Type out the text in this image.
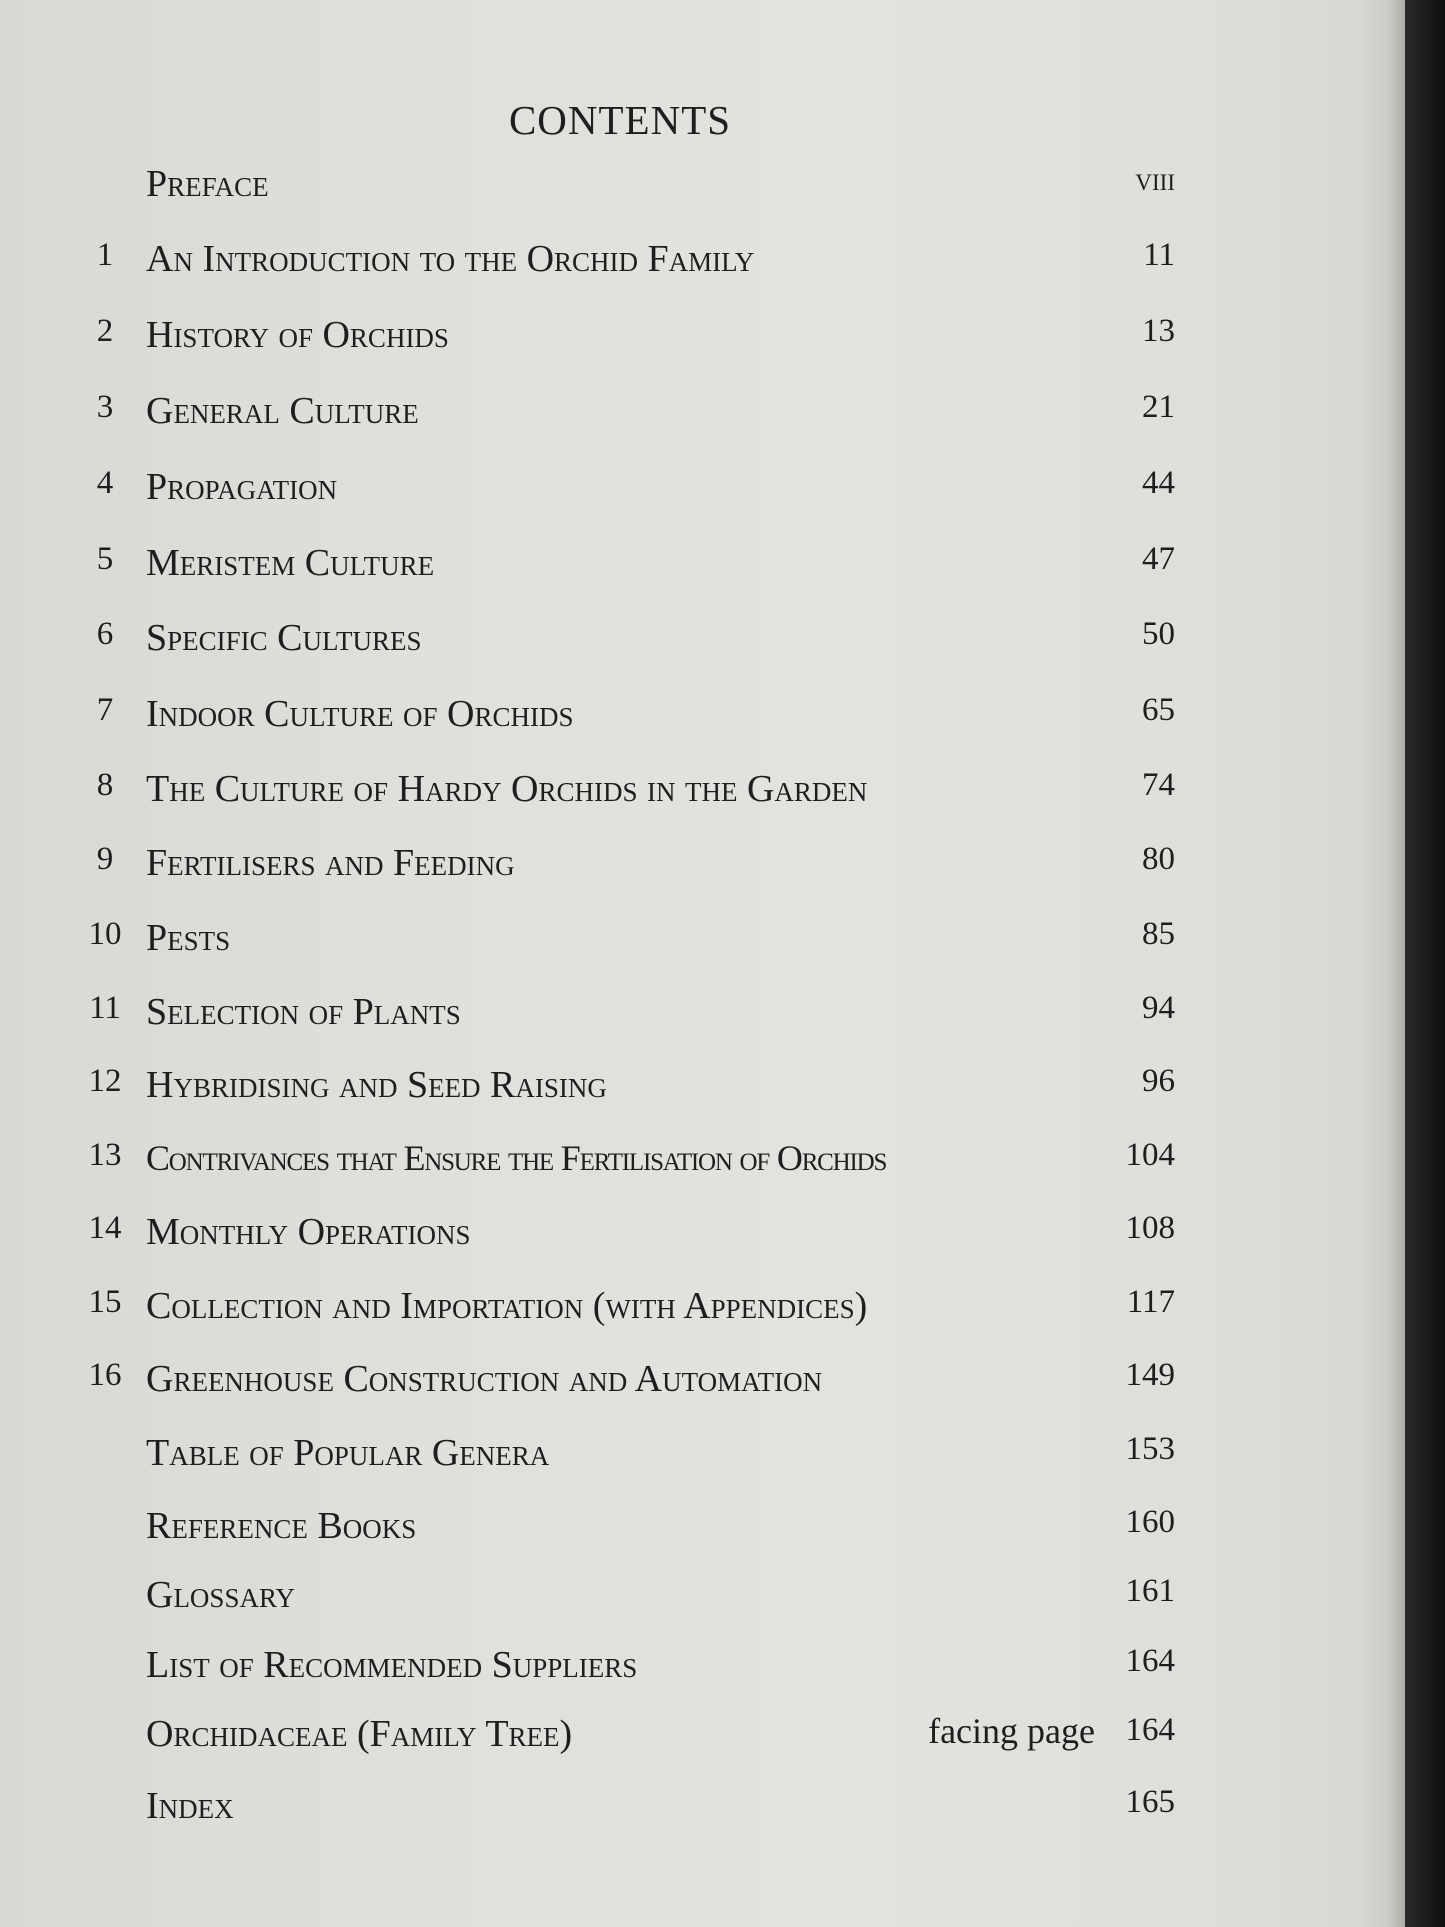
CONTENTS
Preface	viii
1 An Introduction to the Orchid Family	11
2 History of Orchids	13
3 General Culture	21
4 Propagation	44
5 Meristem Culture	47
6 Specific Cultures	50
7 Indoor Culture of Orchids	65
8 The Culture of Hardy Orchids in the Garden	74
9 Fertilisers and Feeding	80
10 Pests	85
11 Selection of Plants	94
12 Hybridising and Seed Raising	96
13 Contrivances that Ensure the Fertilisation of Orchids	104
14 Monthly Operations	108
15 Collection and Importation (with Appendices)	117
16 Greenhouse Construction and Automation	149
Table of Popular Genera	153
Reference Books	160
Glossary	161
List of Recommended Suppliers	164
Orchidaceae (Family Tree)	facing page 164
Index	165
